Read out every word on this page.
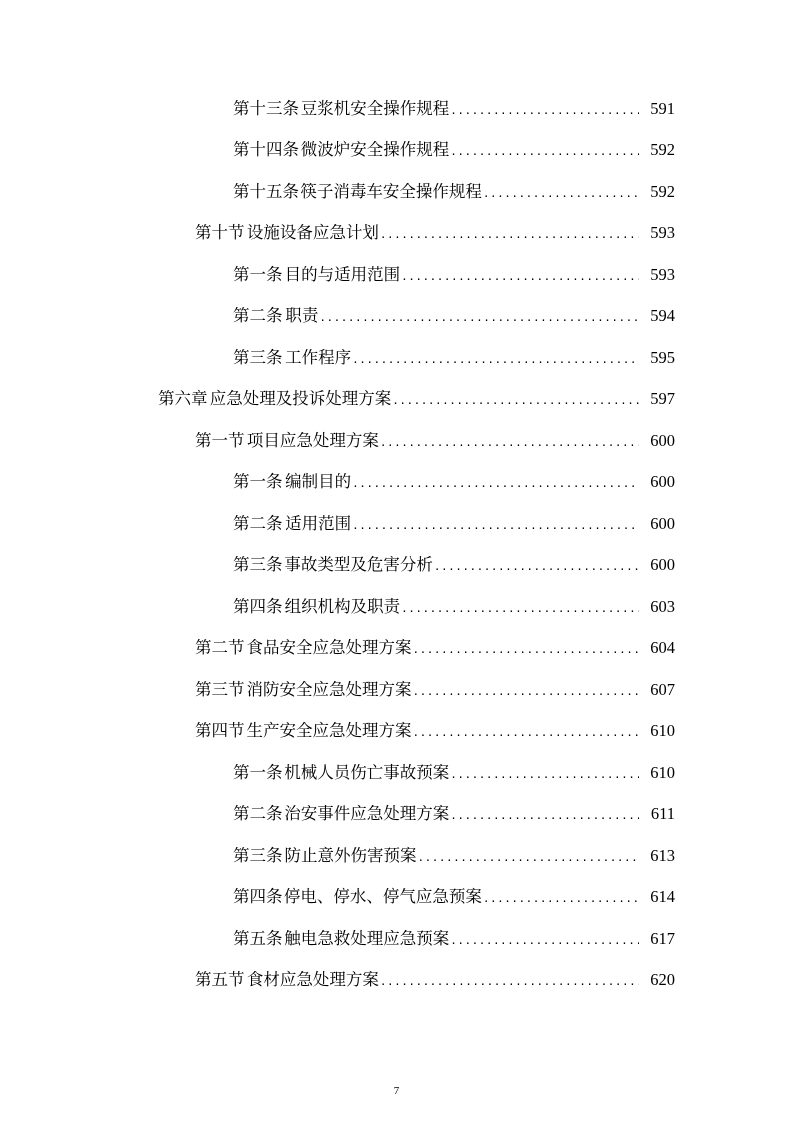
第十三条 豆浆机安全操作规程 .....	591
第十四条 微波炉安全操作规程 .....	592
第十五条 筷子消毒车安全操作规程 .....	592
第十节 设施设备应急计划 .....	593
第一条 目的与适用范围 .....	593
第二条 职责 .....	594
第三条 工作程序 .....	595
第六章 应急处理及投诉处理方案 .....	597
第一节 项目应急处理方案 .....	600
第一条 编制目的 .....	600
第二条 适用范围 .....	600
第三条 事故类型及危害分析 .....	600
第四条 组织机构及职责 .....	603
第二节 食品安全应急处理方案 .....	604
第三节 消防安全应急处理方案 .....	607
第四节 生产安全应急处理方案 .....	610
第一条 机械人员伤亡事故预案 .....	610
第二条 治安事件应急处理方案 .....	611
第三条 防止意外伤害预案 .....	613
第四条 停电、停水、停气应急预案 .....	614
第五条 触电急救处理应急预案 .....	617
第五节 食材应急处理方案 .....	620
7
